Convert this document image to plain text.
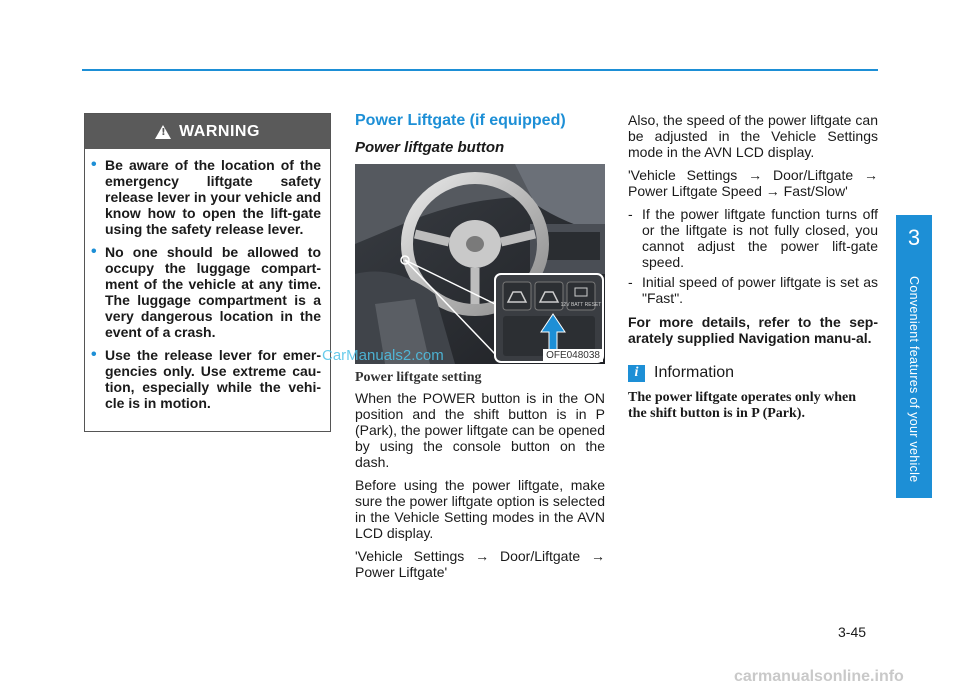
!
WARNING
• Be aware of the location of the emergency liftgate safety release lever in your vehicle and know how to open the lift-gate using the safety release lever.
• No one should be allowed to occupy the luggage compart-ment of the vehicle at any time. The luggage compartment is a very dangerous location in the event of a crash.
• Use the release lever for emer-gencies only. Use extreme cau-tion, especially while the vehi-cle is in motion.
Power Liftgate (if equipped)
Power liftgate button
12V BATT RESET
OFE048038
Power liftgate setting

When the POWER button is in the ON position and the shift button is in P (Park), the power liftgate can be opened by using the console button on the dash.

Before using the power liftgate, make sure the power liftgate option is selected in the Vehicle Setting modes in the AVN LCD display.

'Vehicle Settings → Door/Liftgate → Power Liftgate'

Also, the speed of the power liftgate can be adjusted in the Vehicle Settings mode in the AVN LCD display.

'Vehicle Settings → Door/Liftgate → Power Liftgate Speed → Fast/Slow'

- If the power liftgate function turns off or the liftgate is not fully closed, you cannot adjust the power lift-gate speed.
- Initial speed of power liftgate is set as "Fast".

For more details, refer to the sep-arately supplied Navigation manu-al.

i Information
The power liftgate operates only when the shift button is in P (Park).
CarManuals2.com
3
Convenient features of your vehicle
3-45
carmanualsonline.info
